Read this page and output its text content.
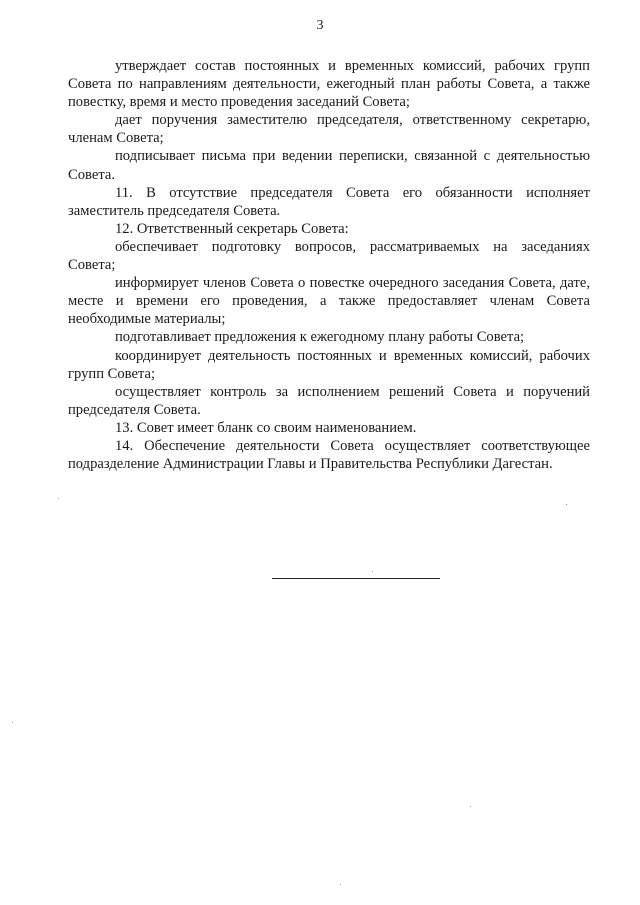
3

утверждает состав постоянных и временных комиссий, рабочих групп Совета по направлениям деятельности, ежегодный план работы Совета, а также повестку, время и место проведения заседаний Совета;

дает поручения заместителю председателя, ответственному секретарю, членам Совета;

подписывает письма при ведении переписки, связанной с деятельностью Совета.

11. В отсутствие председателя Совета его обязанности исполняет заместитель председателя Совета.

12. Ответственный секретарь Совета:

обеспечивает подготовку вопросов, рассматриваемых на заседаниях Совета;

информирует членов Совета о повестке очередного заседания Совета, дате, месте и времени его проведения, а также предоставляет членам Совета необходимые материалы;

подготавливает предложения к ежегодному плану работы Совета;

координирует деятельность постоянных и временных комиссий, рабочих групп Совета;

осуществляет контроль за исполнением решений Совета и поручений председателя Совета.

13. Совет имеет бланк со своим наименованием.

14. Обеспечение деятельности Совета осуществляет соответствующее подразделение Администрации Главы и Правительства Республики Дагестан.
